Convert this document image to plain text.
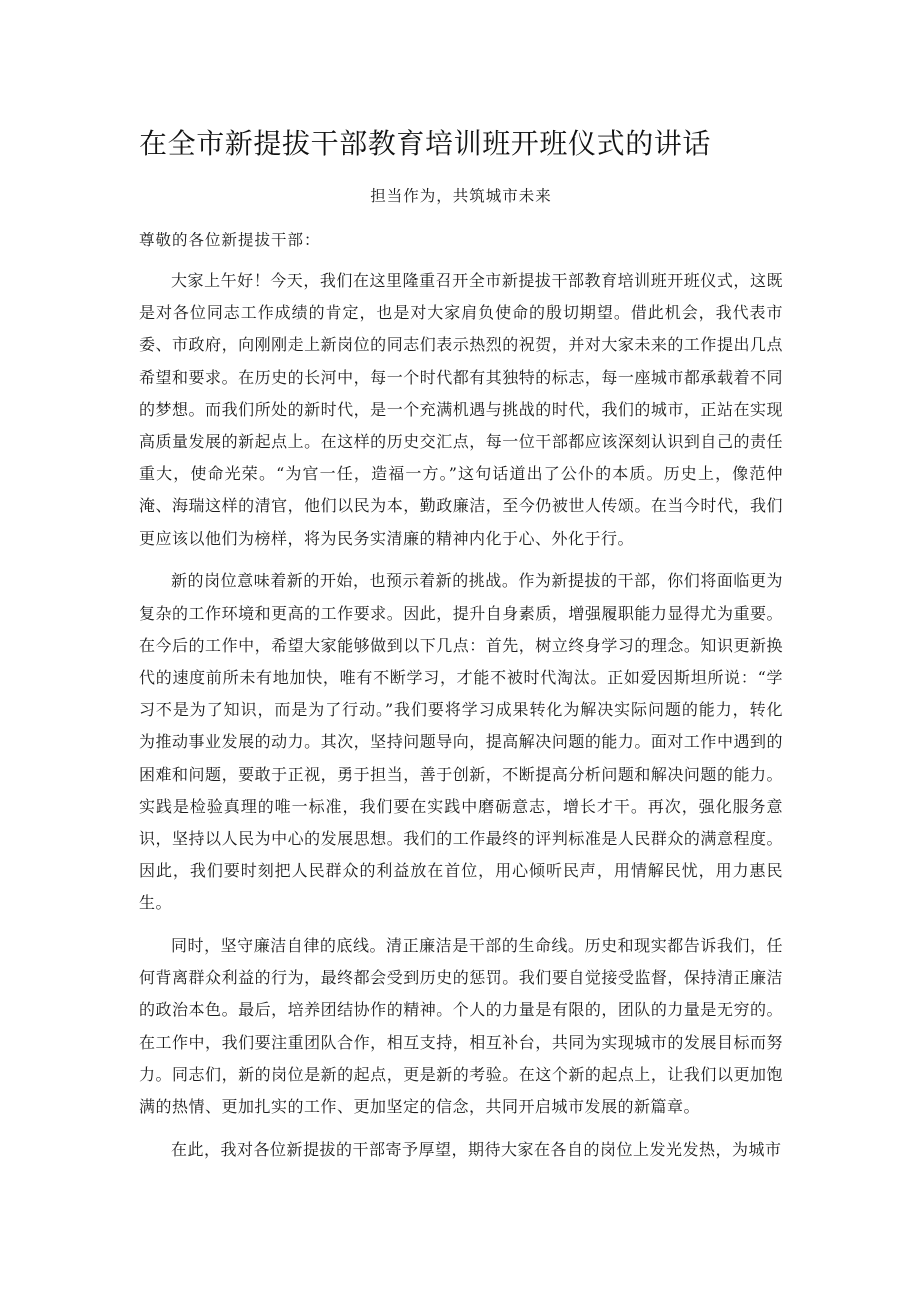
在全市新提拔干部教育培训班开班仪式的讲话
担当作为，共筑城市未来
尊敬的各位新提拔干部：

大家上午好！今天，我们在这里隆重召开全市新提拔干部教育培训班开班仪式，这既是对各位同志工作成绩的肯定，也是对大家肩负使命的殷切期望。借此机会，我代表市委、市政府，向刚刚走上新岗位的同志们表示热烈的祝贺，并对大家未来的工作提出几点希望和要求。在历史的长河中，每一个时代都有其独特的标志，每一座城市都承载着不同的梦想。而我们所处的新时代，是一个充满机遇与挑战的时代，我们的城市，正站在实现高质量发展的新起点上。在这样的历史交汇点，每一位干部都应该深刻认识到自己的责任重大，使命光荣。“为官一任，造福一方。”这句话道出了公仆的本质。历史上，像范仲淹、海瑞这样的清官，他们以民为本，勤政廉洁，至今仍被世人传颂。在当今时代，我们更应该以他们为榜样，将为民务实清廉的精神内化于心、外化于行。

新的岗位意味着新的开始，也预示着新的挑战。作为新提拔的干部，你们将面临更为复杂的工作环境和更高的工作要求。因此，提升自身素质，增强履职能力显得尤为重要。在今后的工作中，希望大家能够做到以下几点：首先，树立终身学习的理念。知识更新换代的速度前所未有地加快，唯有不断学习，才能不被时代淘汰。正如爱因斯坦所说：“学习不是为了知识，而是为了行动。”我们要将学习成果转化为解决实际问题的能力，转化为推动事业发展的动力。其次，坚持问题导向，提高解决问题的能力。面对工作中遇到的困难和问题，要敢于正视，勇于担当，善于创新，不断提高分析问题和解决问题的能力。实践是检验真理的唯一标准，我们要在实践中磨砺意志，增长才干。再次，强化服务意识，坚持以人民为中心的发展思想。我们的工作最终的评判标准是人民群众的满意程度。因此，我们要时刻把人民群众的利益放在首位，用心倾听民声，用情解民忧，用力惠民生。

同时，坚守廉洁自律的底线。清正廉洁是干部的生命线。历史和现实都告诉我们，任何背离群众利益的行为，最终都会受到历史的惩罚。我们要自觉接受监督，保持清正廉洁的政治本色。最后，培养团结协作的精神。个人的力量是有限的，团队的力量是无穷的。在工作中，我们要注重团队合作，相互支持，相互补台，共同为实现城市的发展目标而努力。同志们，新的岗位是新的起点，更是新的考验。在这个新的起点上，让我们以更加饱满的热情、更加扎实的工作、更加坚定的信念，共同开启城市发展的新篇章。

在此，我对各位新提拔的干部寄予厚望，期待大家在各自的岗位上发光发热，为城市
